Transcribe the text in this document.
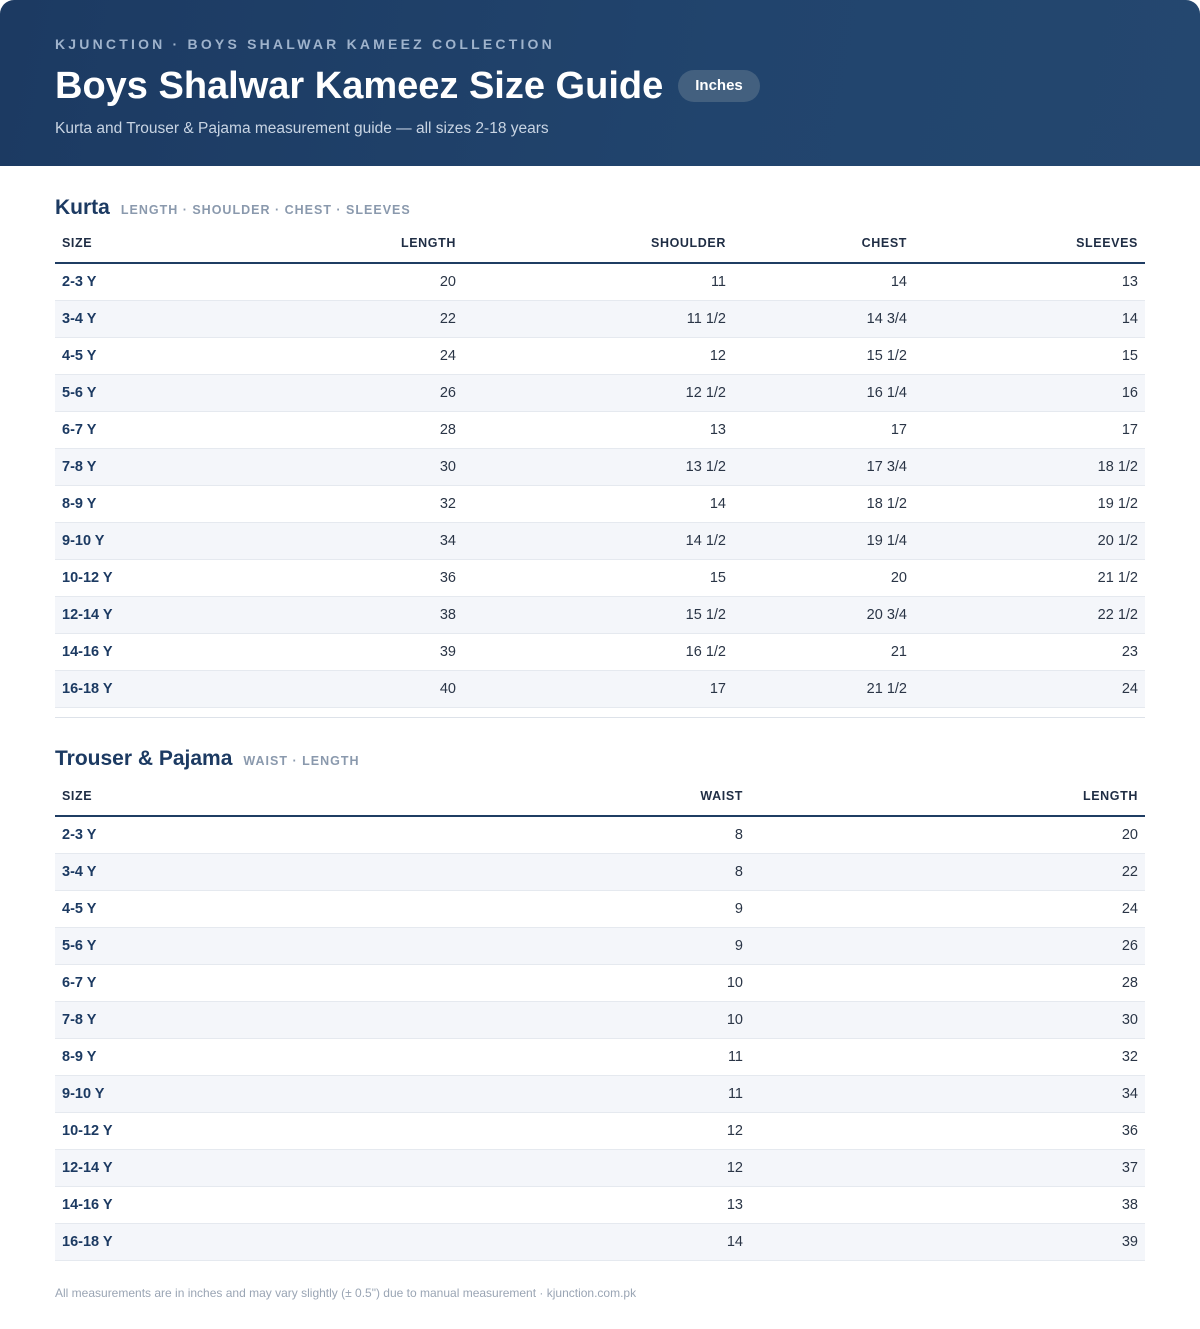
KJUNCTION · BOYS SHALWAR KAMEEZ COLLECTION
Boys Shalwar Kameez Size Guide	Inches
Kurta and Trouser & Pajama measurement guide — all sizes 2-18 years
Kurta LENGTH · SHOULDER · CHEST · SLEEVES
SIZE	LENGTH	SHOULDER	CHEST	SLEEVES
2-3 Y	20	11	14	13
3-4 Y	22	11 1/2	14 3/4	14
4-5 Y	24	12	15 1/2	15
5-6 Y	26	12 1/2	16 1/4	16
6-7 Y	28	13	17	17
7-8 Y	30	13 1/2	17 3/4	18 1/2
8-9 Y	32	14	18 1/2	19 1/2
9-10 Y	34	14 1/2	19 1/4	20 1/2
10-12 Y	36	15	20	21 1/2
12-14 Y	38	15 1/2	20 3/4	22 1/2
14-16 Y	39	16 1/2	21	23
16-18 Y	40	17	21 1/2	24
Trouser & Pajama WAIST · LENGTH
SIZE	WAIST	LENGTH
2-3 Y	8	20
3-4 Y	8	22
4-5 Y	9	24
5-6 Y	9	26
6-7 Y	10	28
7-8 Y	10	30
8-9 Y	11	32
9-10 Y	11	34
10-12 Y	12	36
12-14 Y	12	37
14-16 Y	13	38
16-18 Y	14	39
All measurements are in inches and may vary slightly (± 0.5") due to manual measurement · kjunction.com.pk
